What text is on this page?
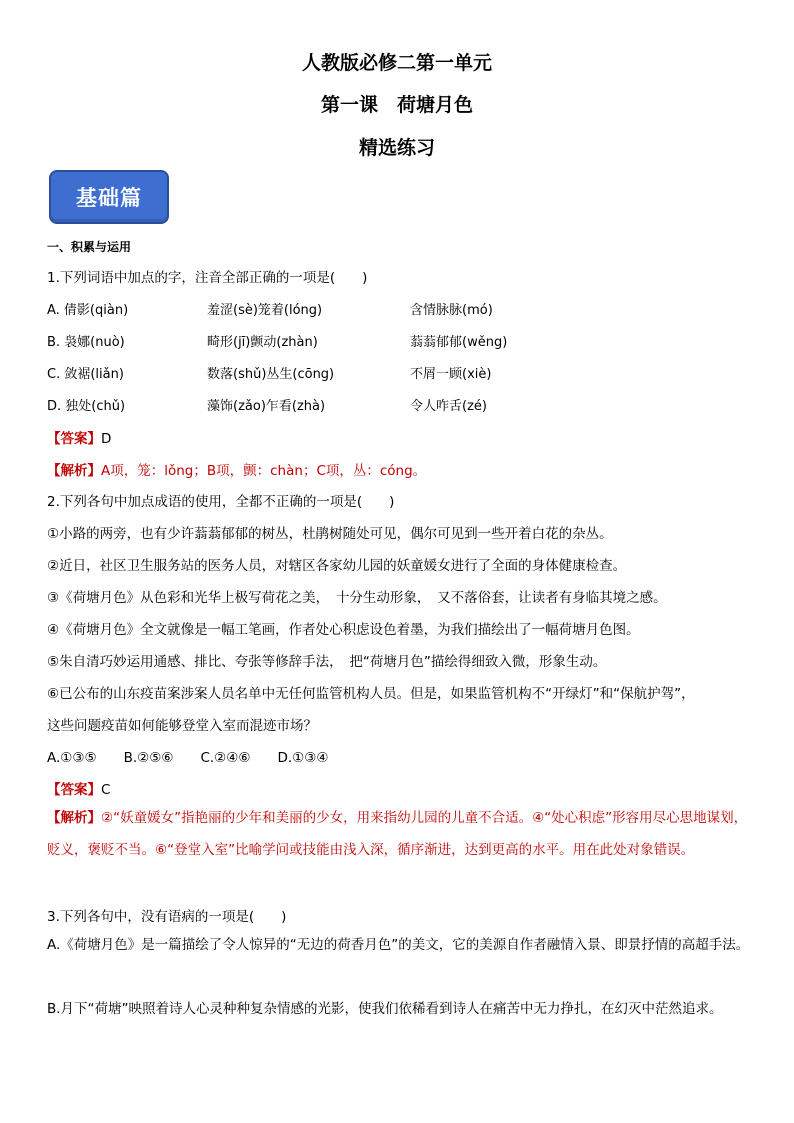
人教版必修二第一单元
第一课　荷塘月色
精选练习
基础篇
一、积累与运用
1.下列词语中加点的字，注音全部正确的一项是(　　)
A. 倩影(qiàn)	羞涩(sè)笼着(lóng)	含情脉脉(mó)
B. 袅娜(nuò)	畸形(jī)颤动(zhàn)	蓊蓊郁郁(wěng)
C. 敛裾(liǎn)	数落(shǔ)丛生(cōng)	不屑一顾(xiè)
D. 独处(chǔ)	藻饰(zǎo)乍看(zhà)	令人咋舌(zé)
【答案】D
【解析】A项，笼：lǒng；B项，颤：chàn；C项，丛：cóng。
2.下列各句中加点成语的使用，全都不正确的一项是(　　)
①小路的两旁，也有少许蓊蓊郁郁的树丛，杜鹃树随处可见，偶尔可见到一些开着白花的杂丛。
②近日，社区卫生服务站的医务人员，对辖区各家幼儿园的妖童媛女进行了全面的身体健康检查。
③《荷塘月色》从色彩和光华上极写荷花之美，　十分生动形象，　又不落俗套，让读者有身临其境之感。
④《荷塘月色》全文就像是一幅工笔画，作者处心积虑设色着墨，为我们描绘出了一幅荷塘月色图。
⑤朱自清巧妙运用通感、排比、夸张等修辞手法，　把“荷塘月色”描绘得细致入微，形象生动。
⑥已公布的山东疫苗案涉案人员名单中无任何监管机构人员。但是，如果监管机构不“开绿灯”和“保航护驾”，
这些问题疫苗如何能够登堂入室而混迹市场？
A.①③⑤　　B.②⑤⑥　　C.②④⑥　　D.①③④
【答案】C
【解析】②“妖童媛女”指艳丽的少年和美丽的少女，用来指幼儿园的儿童不合适。④“处心积虑”形容用尽心思地谋划，贬义，褒贬不当。⑥“登堂入室”比喻学问或技能由浅入深，循序渐进，达到更高的水平。用在此处对象错误。
3.下列各句中，没有语病的一项是(　　)
A.《荷塘月色》是一篇描绘了令人惊异的“无边的荷香月色”的美文，它的美源自作者融情入景、即景抒情的高超手法。
B.月下“荷塘”映照着诗人心灵种种复杂情感的光影，使我们依稀看到诗人在痛苦中无力挣扎，在幻灭中茫然追求。
